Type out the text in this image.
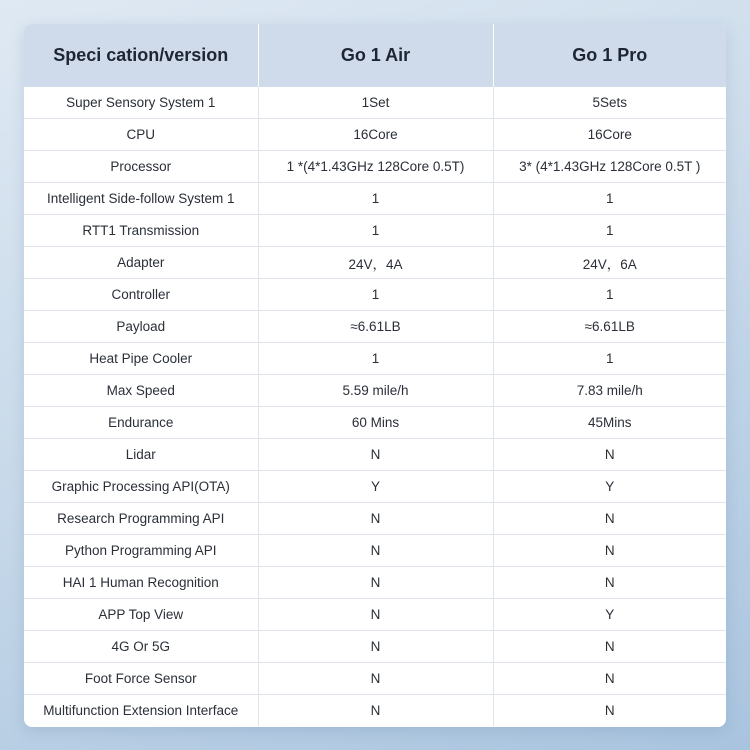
Speci cation/version	Go 1 Air	Go 1 Pro
Super Sensory System 1	1Set	5Sets
CPU	16Core	16Core
Processor	1 *(4*1.43GHz 128Core 0.5T)	3* (4*1.43GHz 128Core 0.5T )
Intelligent Side-follow System 1	1	1
RTT1 Transmission	1	1
Adapter	24V，4A	24V，6A
Controller	1	1
Payload	≈6.61LB	≈6.61LB
Heat Pipe Cooler	1	1
Max Speed	5.59 mile/h	7.83 mile/h
Endurance	60 Mins	45Mins
Lidar	N	N
Graphic Processing API(OTA)	Y	Y
Research Programming API	N	N
Python Programming API	N	N
HAI 1 Human Recognition	N	N
APP Top View	N	Y
4G Or 5G	N	N
Foot Force Sensor	N	N
Multifunction Extension Interface	N	N
